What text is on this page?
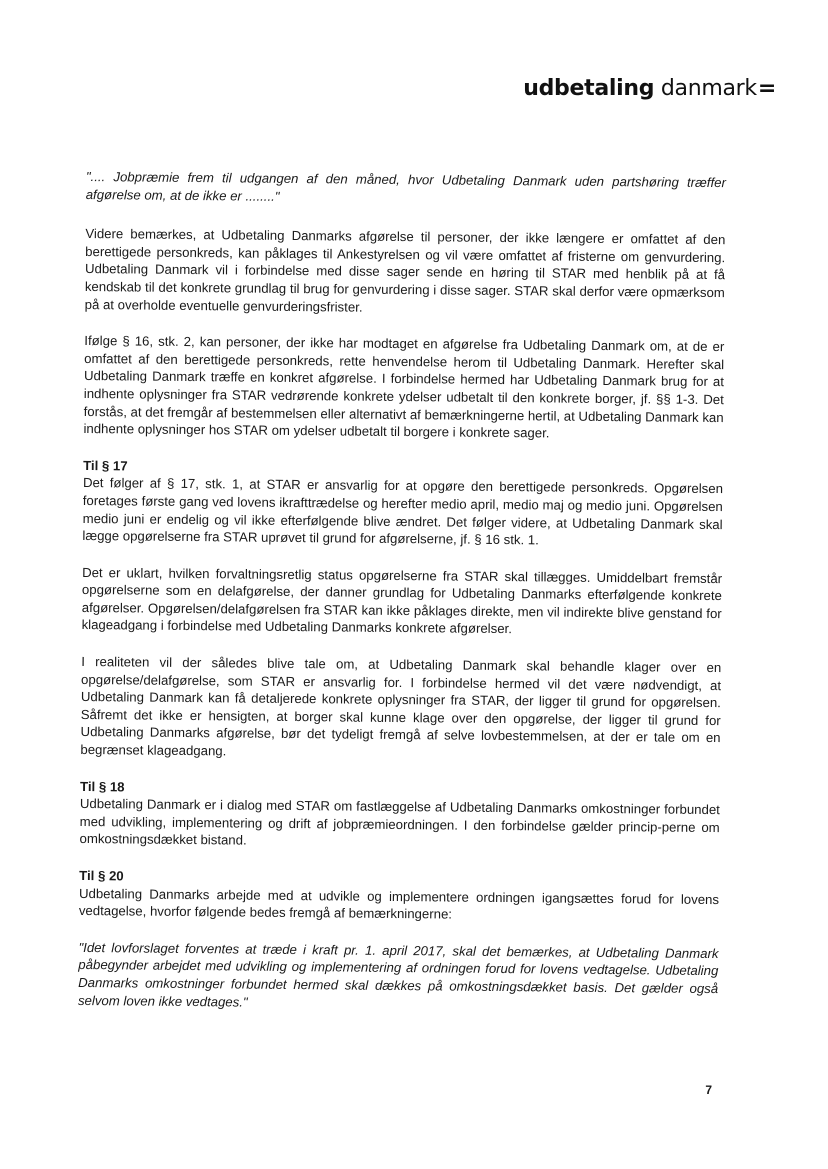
udbetaling danmark=

".... Jobpræmie frem til udgangen af den måned, hvor Udbetaling Danmark uden partshøring træffer afgørelse om, at de ikke er ........"

Videre bemærkes, at Udbetaling Danmarks afgørelse til personer, der ikke længere er omfattet af den berettigede personkreds, kan påklages til Ankestyrelsen og vil være omfattet af fristerne om genvurdering. Udbetaling Danmark vil i forbindelse med disse sager sende en høring til STAR med henblik på at få kendskab til det konkrete grundlag til brug for genvurdering i disse sager. STAR skal derfor være opmærksom på at overholde eventuelle genvurderingsfrister.

Ifølge § 16, stk. 2, kan personer, der ikke har modtaget en afgørelse fra Udbetaling Danmark om, at de er omfattet af den berettigede personkreds, rette henvendelse herom til Udbetaling Danmark. Herefter skal Udbetaling Danmark træffe en konkret afgørelse. I forbindelse hermed har Udbetaling Danmark brug for at indhente oplysninger fra STAR vedrørende konkrete ydelser udbetalt til den konkrete borger, jf. §§ 1-3. Det forstås, at det fremgår af bestemmelsen eller alternativt af bemærkningerne hertil, at Udbetaling Danmark kan indhente oplysninger hos STAR om ydelser udbetalt til borgere i konkrete sager.

Til § 17

Det følger af § 17, stk. 1, at STAR er ansvarlig for at opgøre den berettigede personkreds. Opgørelsen foretages første gang ved lovens ikrafttrædelse og herefter medio april, medio maj og medio juni. Opgørelsen medio juni er endelig og vil ikke efterfølgende blive ændret. Det følger videre, at Udbetaling Danmark skal lægge opgørelserne fra STAR uprøvet til grund for afgørelserne, jf. § 16 stk. 1.

Det er uklart, hvilken forvaltningsretlig status opgørelserne fra STAR skal tillægges. Umiddelbart fremstår opgørelserne som en delafgørelse, der danner grundlag for Udbetaling Danmarks efterfølgende konkrete afgørelser. Opgørelsen/delafgørelsen fra STAR kan ikke påklages direkte, men vil indirekte blive genstand for klageadgang i forbindelse med Udbetaling Danmarks konkrete afgørelser.

I realiteten vil der således blive tale om, at Udbetaling Danmark skal behandle klager over en opgørelse/delafgørelse, som STAR er ansvarlig for. I forbindelse hermed vil det være nødvendigt, at Udbetaling Danmark kan få detaljerede konkrete oplysninger fra STAR, der ligger til grund for opgørelsen. Såfremt det ikke er hensigten, at borger skal kunne klage over den opgørelse, der ligger til grund for Udbetaling Danmarks afgørelse, bør det tydeligt fremgå af selve lovbestemmelsen, at der er tale om en begrænset klageadgang.

Til § 18

Udbetaling Danmark er i dialog med STAR om fastlæggelse af Udbetaling Danmarks omkostninger forbundet med udvikling, implementering og drift af jobpræmieordningen. I den forbindelse gælder princip-perne om omkostningsdækket bistand.

Til § 20

Udbetaling Danmarks arbejde med at udvikle og implementere ordningen igangsættes forud for lovens vedtagelse, hvorfor følgende bedes fremgå af bemærkningerne:

"Idet lovforslaget forventes at træde i kraft pr. 1. april 2017, skal det bemærkes, at Udbetaling Danmark påbegynder arbejdet med udvikling og implementering af ordningen forud for lovens vedtagelse. Udbetaling Danmarks omkostninger forbundet hermed skal dækkes på omkostningsdækket basis. Det gælder også selvom loven ikke vedtages."

7
